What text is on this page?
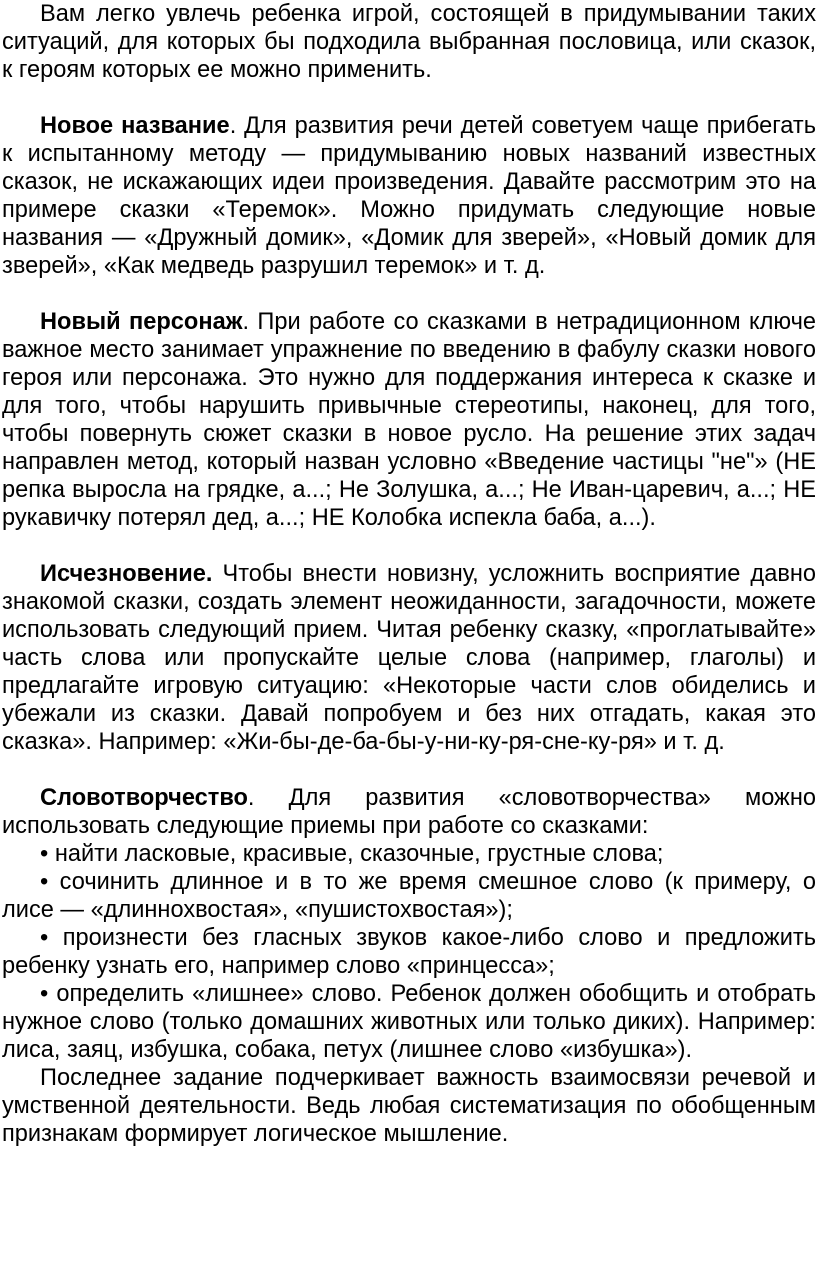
Вам легко увлечь ребенка игрой, состоящей в придумывании таких ситуаций, для которых бы подходила выбранная пословица, или сказок, к героям которых ее можно применить.

Новое название. Для развития речи детей советуем чаще прибегать к испытанному методу — придумыванию новых названий известных сказок, не искажающих идеи произведения. Давайте рассмотрим это на примере сказки «Теремок». Можно придумать следующие новые названия — «Дружный домик», «Домик для зверей», «Новый домик для зверей», «Как медведь разрушил теремок» и т. д.

Новый персонаж. При работе со сказками в нетрадиционном ключе важное место занимает упражнение по введению в фабулу сказки нового героя или персонажа. Это нужно для поддержания интереса к сказке и для того, чтобы нарушить привычные стереотипы, наконец, для того, чтобы повернуть сюжет сказки в новое русло. На решение этих задач направлен метод, который назван условно «Введение частицы "не"» (НЕ репка выросла на грядке, а...; Не Золушка, а...; Не Иван-царевич, а...; НЕ рукавичку потерял дед, а...; НЕ Колобка испекла баба, а...).

Исчезновение. Чтобы внести новизну, усложнить восприятие давно знакомой сказки, создать элемент неожиданности, загадочности, можете использовать следующий прием. Читая ребенку сказку, «проглатывайте» часть слова или пропускайте целые слова (например, глаголы) и предлагайте игровую ситуацию: «Некоторые части слов обиделись и убежали из сказки. Давай попробуем и без них отгадать, какая это сказка». Например: «Жи-бы-де-ба-бы-у-ни-ку-ря-сне-ку-ря» и т. д.

Словотворчество. Для развития «словотворчества» можно использовать следующие приемы при работе со сказками:

• найти ласковые, красивые, сказочные, грустные слова;

• сочинить длинное и в то же время смешное слово (к примеру, о лисе — «длиннохвостая», «пушистохвостая»);

• произнести без гласных звуков какое-либо слово и предложить ребенку узнать его, например слово «принцесса»;

• определить «лишнее» слово. Ребенок должен обобщить и отобрать нужное слово (только домашних животных или только диких). Например: лиса, заяц, избушка, собака, петух (лишнее слово «избушка»).

Последнее задание подчеркивает важность взаимосвязи речевой и умственной деятельности. Ведь любая систематизация по обобщенным признакам формирует логическое мышление.
